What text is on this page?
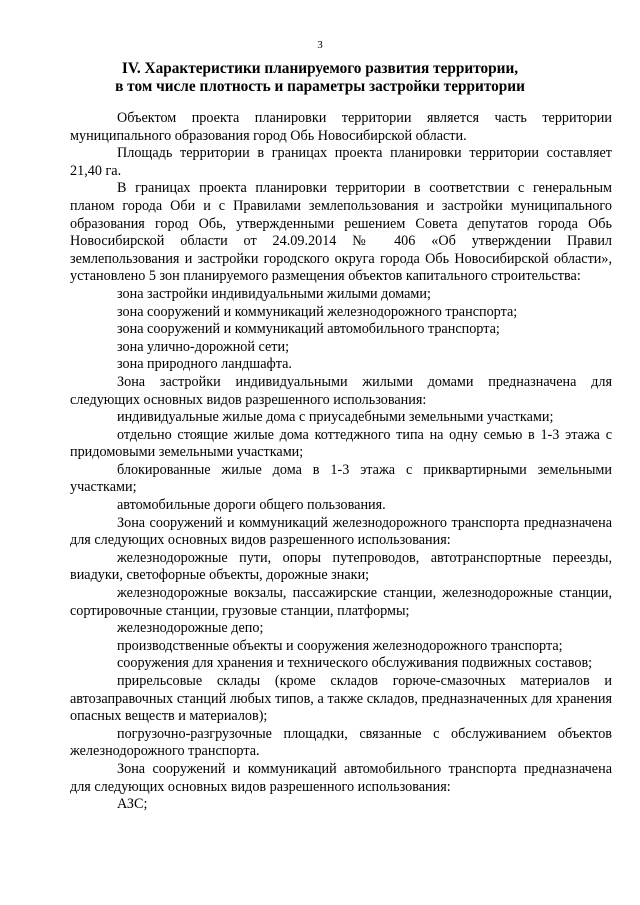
3
IV. Характеристики планируемого развития территории,
в том числе плотность и параметры застройки территории

Объектом проекта планировки территории является часть территории муниципального образования город Обь Новосибирской области.

Площадь территории в границах проекта планировки территории составляет 21,40 га.

В границах проекта планировки территории в соответствии с генеральным планом города Оби и с Правилами землепользования и застройки муниципального образования город Обь, утвержденными решением Совета депутатов города Обь Новосибирской области от 24.09.2014 № 406 «Об утверждении Правил землепользования и застройки городского округа города Обь Новосибирской области», установлено 5 зон планируемого размещения объектов капитального строительства:

зона застройки индивидуальными жилыми домами;

зона сооружений и коммуникаций железнодорожного транспорта;

зона сооружений и коммуникаций автомобильного транспорта;

зона улично-дорожной сети;

зона природного ландшафта.

Зона застройки индивидуальными жилыми домами предназначена для следующих основных видов разрешенного использования:

индивидуальные жилые дома с приусадебными земельными участками;

отдельно стоящие жилые дома коттеджного типа на одну семью в 1-3 этажа с придомовыми земельными участками;

блокированные жилые дома в 1-3 этажа с приквартирными земельными участками;

автомобильные дороги общего пользования.

Зона сооружений и коммуникаций железнодорожного транспорта предназначена для следующих основных видов разрешенного использования:

железнодорожные пути, опоры путепроводов, автотранспортные переезды, виадуки, светофорные объекты, дорожные знаки;

железнодорожные вокзалы, пассажирские станции, железнодорожные станции, сортировочные станции, грузовые станции, платформы;

железнодорожные депо;

производственные объекты и сооружения железнодорожного транспорта;

сооружения для хранения и технического обслуживания подвижных составов;

прирельсовые склады (кроме складов горюче-смазочных материалов и автозаправочных станций любых типов, а также складов, предназначенных для хранения опасных веществ и материалов);

погрузочно-разгрузочные площадки, связанные с обслуживанием объектов железнодорожного транспорта.

Зона сооружений и коммуникаций автомобильного транспорта предназначена для следующих основных видов разрешенного использования:

АЗС;
